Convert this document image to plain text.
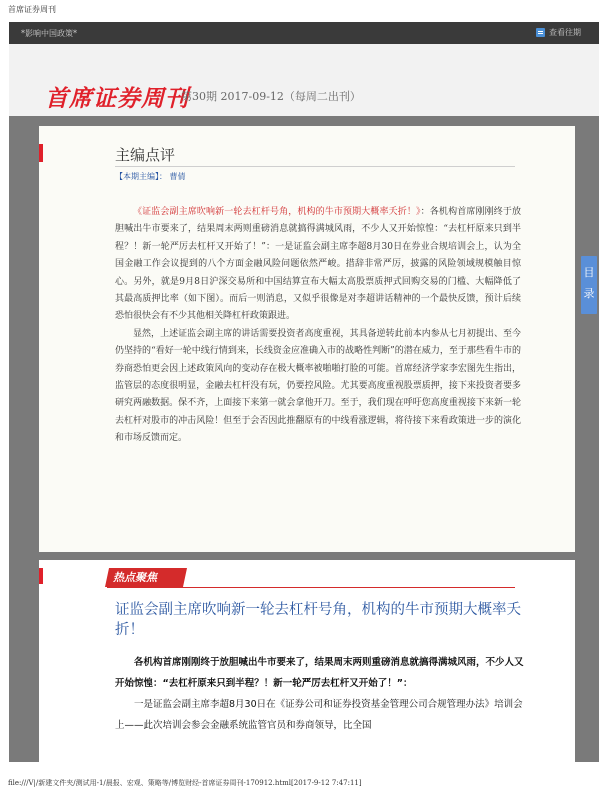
首席证券周刊
*影响中国政策*	查看往期
首席证券周刊
第30期 2017-09-12（每周二出刊）
主编点评
【本期主编】： 曹倩

《证监会副主席吹响新一轮去杠杆号角，机构的牛市预期大概率夭折！》：各机构首席刚刚终于放胆喊出牛市要来了，结果周末两则重磅消息就搞得满城风雨，不少人又开始惊惶：“去杠杆原来只到半程？！新一轮严厉去杠杆又开始了！”：一是证监会副主席李超8月30日在券业合规培训会上，认为全国金融工作会议提到的八个方面金融风险问题依然严峻。措辞非常严厉，披露的风险领域规模触目惊心。另外，就是9月8日沪深交易所和中国结算宣布大幅太高股票质押式回购交易的门槛、大幅降低了其最高质押比率（如下图）。而后一则消息，又似乎很像是对李超讲话精神的一个最快反馈，预计后续恐怕很快会有不少其他相关降杠杆政策跟进。

显然，上述证监会副主席的讲话需要投资者高度重视，其具备逆转此前本内参从七月初提出、至今仍坚持的“看好一轮中线行情到来，长线资金应准确入市的战略性判断”的潜在威力，至于那些看牛市的券商恐怕更会因上述政策风向的变动存在极大概率被啪啪打脸的可能。首席经济学家李宏图先生指出，监管层的态度很明显，金融去杠杆没有玩，仍要控风险。尤其要高度重视股票质押，接下来投资者要多研究两融数据。保不齐，上面接下来第一就会拿他开刀。至于，我们现在呼吁您高度重视接下来新一轮去杠杆对股市的冲击风险！但至于会否因此推翻原有的中线看涨逻辑，将待接下来看政策进一步的演化和市场反馈而定。

目录
热点聚焦
证监会副主席吹响新一轮去杠杆号角，机构的牛市预期大概率夭折！

各机构首席刚刚终于放胆喊出牛市要来了，结果周末两则重磅消息就搞得满城风雨，不少人又开始惊惶：“去杠杆原来只到半程？！新一轮严厉去杠杆又开始了！”：

一是证监会副主席李超8月30日在《证券公司和证券投资基金管理公司合规管理办法》培训会上——此次培训会参会金融系统监管官员和券商领导，比全国

file:///V|/新建文件夹/测试用-1/晨报、宏观、策略等/博览财经-首席证券周刊-170912.html[2017-9-12 7:47:11]
